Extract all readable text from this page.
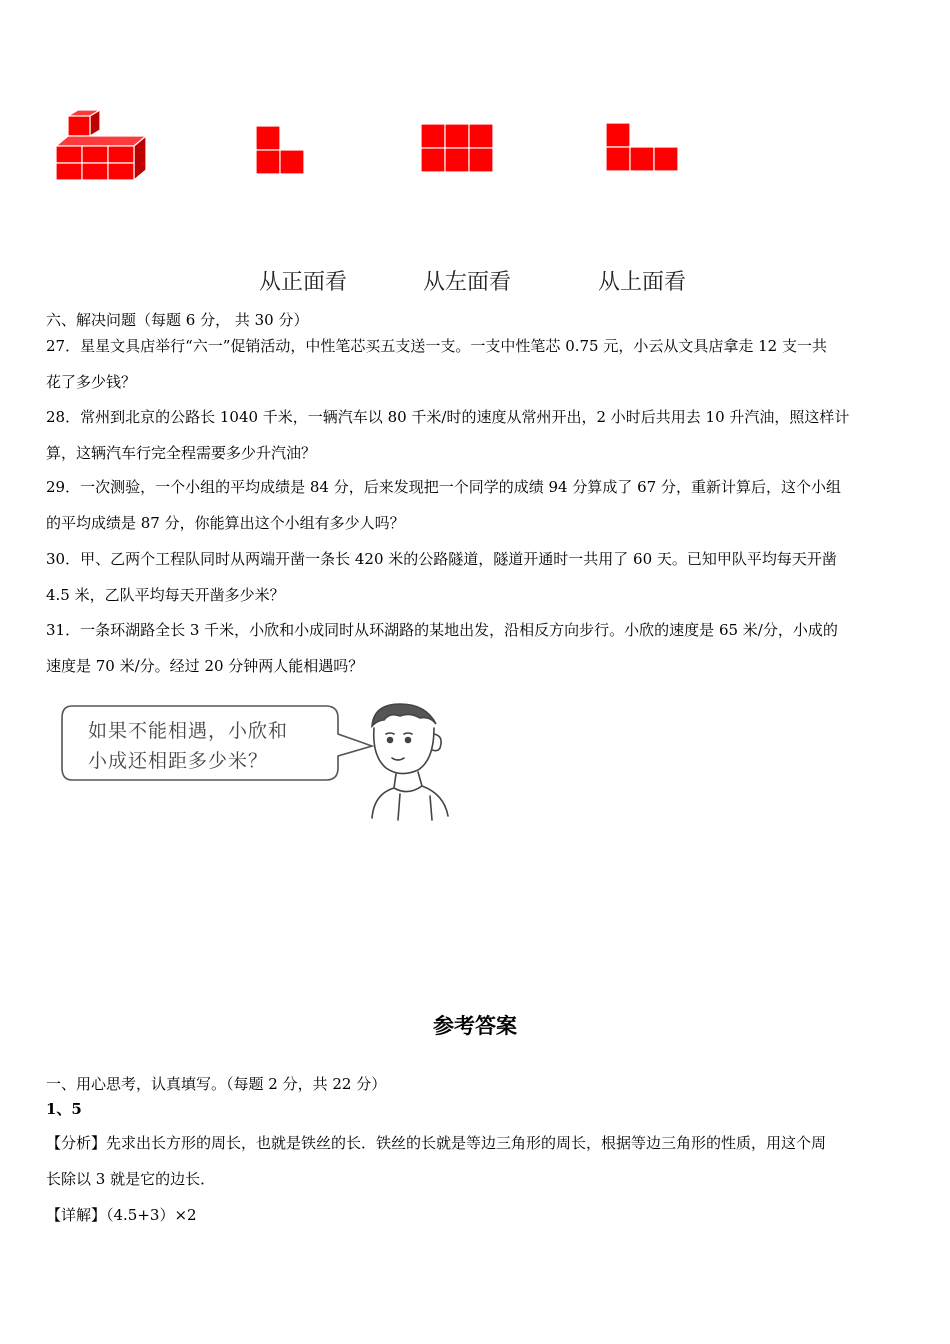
从正面看	从左面看	从上面看
六、解决问题（每题 6 分， 共 30 分）
27．星星文具店举行“六一”促销活动，中性笔芯买五支送一支。一支中性笔芯 0.75 元，小云从文具店拿走 12 支一共
花了多少钱？
28．常州到北京的公路长 1040 千米，一辆汽车以 80 千米/时的速度从常州开出，2 小时后共用去 10 升汽油，照这样计
算，这辆汽车行完全程需要多少升汽油？
29．一次测验，一个小组的平均成绩是 84 分，后来发现把一个同学的成绩 94 分算成了 67 分，重新计算后，这个小组
的平均成绩是 87 分，你能算出这个小组有多少人吗？
30．甲、乙两个工程队同时从两端开凿一条长 420 米的公路隧道，隧道开通时一共用了 60 天。已知甲队平均每天开凿
4.5 米，乙队平均每天开凿多少米？
31．一条环湖路全长 3 千米，小欣和小成同时从环湖路的某地出发，沿相反方向步行。小欣的速度是 65 米/分，小成的
速度是 70 米/分。经过 20 分钟两人能相遇吗？
如果不能相遇，小欣和
小成还相距多少米？
参考答案
一、用心思考，认真填写。（每题 2 分，共 22 分）
1、5
【分析】先求出长方形的周长，也就是铁丝的长．铁丝的长就是等边三角形的周长，根据等边三角形的性质，用这个周
长除以 3 就是它的边长．
【详解】（4.5+3）×2
